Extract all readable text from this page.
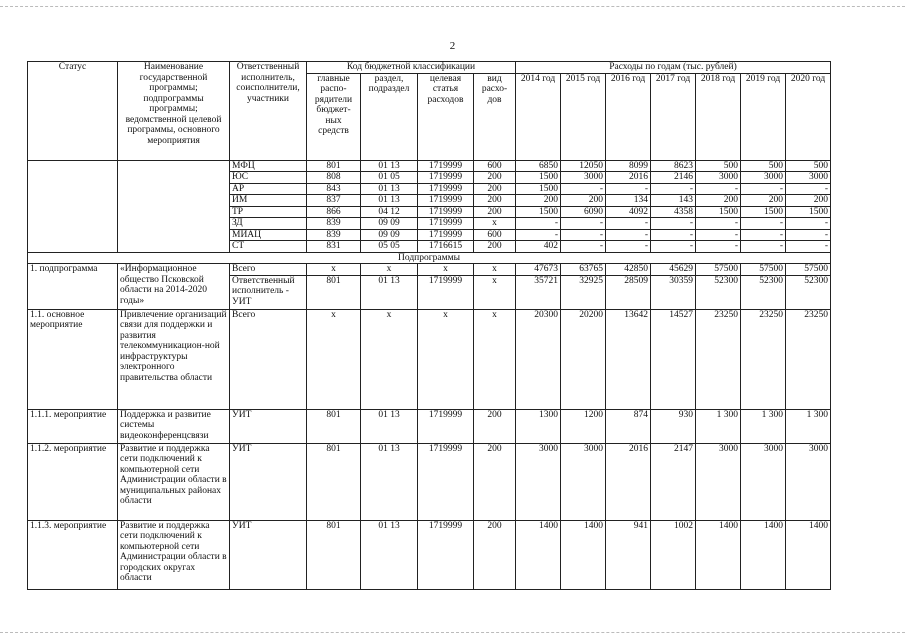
2
Статус	Наименование государственной программы; подпрограммы программы; ведомственной целевой программы, основного мероприятия	Ответственный исполнитель, соисполнители, участники	Код бюджетной классификации				Расходы по годам (тыс. рублей)						
			главные распо- рядители бюджет- ных средств	раздел, подраздел	целевая статья расходов	вид расхо- дов	2014 год	2015 год	2016 год	2017 год	2018 год	2019 год	2020 год
		МФЦ	801	01 13	1719999	600	6850	12050	8099	8623	500	500	500
		ЮС	808	01 05	1719999	200	1500	3000	2016	2146	3000	3000	3000
		АР	843	01 13	1719999	200	1500	-	-	-	-	-	-
		ИМ	837	01 13	1719999	200	200	200	134	143	200	200	200
		ТР	866	04 12	1719999	200	1500	6090	4092	4358	1500	1500	1500
		ЗД	839	09 09	1719999	х	-	-	-	-	-	-	-
		МИАЦ	839	09 09	1719999	600	-	-	-	-	-	-	-
		СТ	831	05 05	1716615	200	402	-	-	-	-	-	-
Подпрограммы													
1. подпрограмма	«Информационное общество Псковской области на 2014-2020 годы»	Всего	х	х	х	х	47673	63765	42850	45629	57500	57500	57500
		Ответственный исполнитель - УИТ	801	01 13	1719999	х	35721	32925	28509	30359	52300	52300	52300
1.1. основное мероприятие	Привлечение организаций связи для поддержки и развития телекоммуникацион-ной инфраструктуры электронного правительства области	Всего	х	х	х	х	20300	20200	13642	14527	23250	23250	23250
1.1.1. мероприятие	Поддержка и развитие системы видеоконференцсвязи	УИТ	801	01 13	1719999	200	1300	1200	874	930	1 300	1 300	1 300
1.1.2. мероприятие	Развитие и поддержка сети подключений к компьютерной сети Администрации области в муниципальных районах области	УИТ	801	01 13	1719999	200	3000	3000	2016	2147	3000	3000	3000
1.1.3. мероприятие	Развитие и поддержка сети подключений к компьютерной сети Администрации области в городских округах области	УИТ	801	01 13	1719999	200	1400	1400	941	1002	1400	1400	1400
